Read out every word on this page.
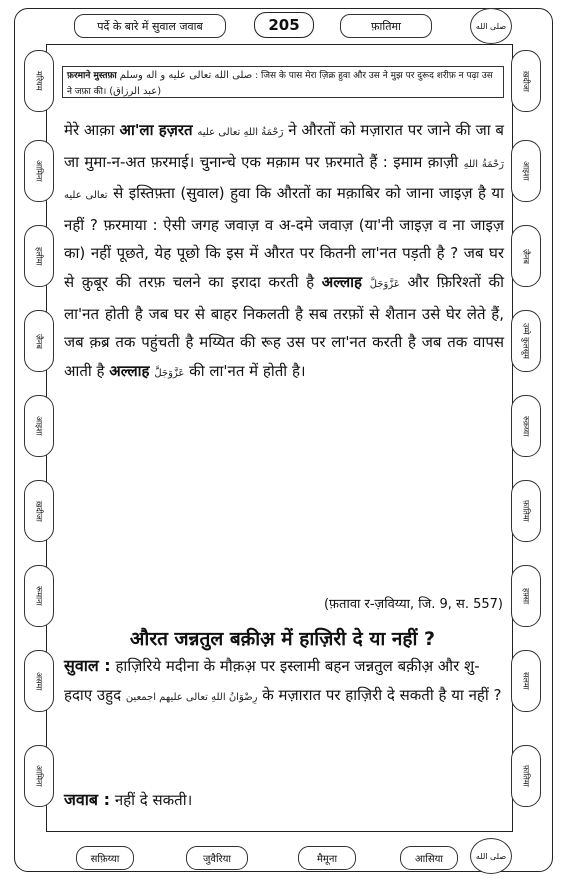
पर्दे के बारे में सुवाल जवाब	205	फ़ातिमा	صلى الله
फ़रमाने मुस्तफ़ा صلى الله تعالى عليه و اله وسلم : जिस के पास मेरा ज़िक्र हुवा और उस ने मुझ पर दुरूद शरीफ़ न पढ़ा उस ने जफ़ा की। (عبد الرزاق)
मरियम
आमिना
हलीमा
ज़ैनब
आइशा
ख़दीजा
रूमाना
असमा
आमिना
ख़दीजा
आइशा
ज़ैनब
उम्मे कुलसूम
रुक़य्या
फ़ातिमा
हफ़्सा
सलमा
फ़ातिमा

मेरे आक़ा आ'ला हज़रत رَحْمَةُ اللهِ تعالى عليه ने औरतों को मज़ारात पर जाने की जा ब जा मुमा-न-अत फ़रमाई। चुनान्चे एक मक़ाम पर फ़रमाते हैं : इमाम क़ाज़ी رَحْمَةُ اللهِ تعالى عليه से इस्तिफ़्ता (सुवाल) हुवा कि औरतों का मक़ाबिर को जाना जाइज़ है या नहीं ? फ़रमाया : ऐसी जगह जवाज़ व अ-दमे जवाज़ (या'नी जाइज़ व ना जाइज़ का) नहीं पूछते, येह पूछो कि इस में औरत पर कितनी ला'नत पड़ती है ? जब घर से क़ुबूर की तरफ़ चलने का इरादा करती है अल्लाह عَزَّوَجَلَّ और फ़िरिश्तों की ला'नत होती है जब घर से बाहर निकलती है सब तरफ़ों से शैतान उसे घेर लेते हैं, जब क़ब्र तक पहुंचती है मय्यित की रूह उस पर ला'नत करती है जब तक वापस आती है अल्लाह عَزَّوَجَلَّ की ला'नत में होती है।

(फ़तावा र-ज़विय्या, जि. 9, स. 557)
औरत जन्नतुल बक़ीअ़ में हाज़िरी दे या नहीं ?
सुवाल : हाज़िरिये मदीना के मौक़अ़ पर इस्लामी बहन जन्नतुल बक़ीअ़ और शु-हदाए उहुद رِضْوَانُ اللهِ تعالى عليهم اجمعين के मज़ारात पर हाज़िरी दे सकती है या नहीं ?
जवाब : नहीं दे सकती।
सफ़िय्या	जुवैरिया	मैमूना	आसिया	صلى الله
